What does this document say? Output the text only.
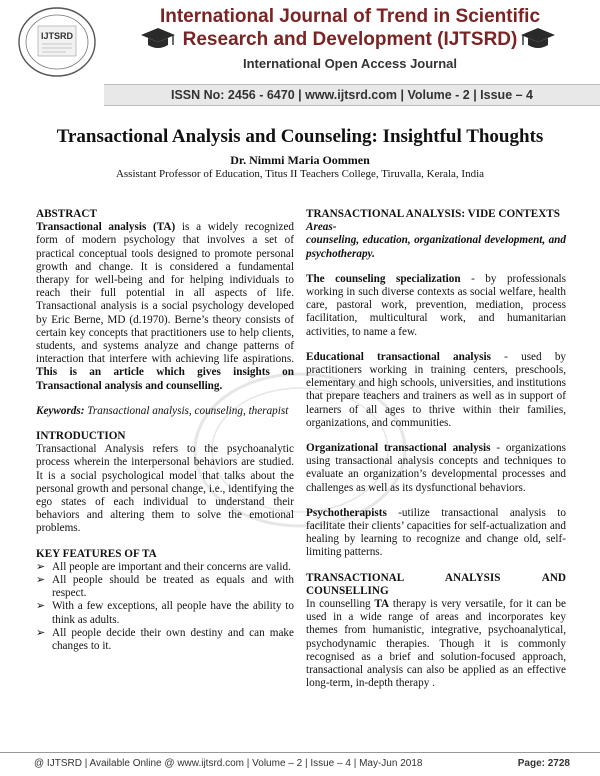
IJTSRD
International Journal of Trend in Scientific
Research and Development (IJTSRD)
International Open Access Journal
ISSN No: 2456 - 6470 | www.ijtsrd.com | Volume - 2 | Issue – 4
Transactional Analysis and Counseling: Insightful Thoughts
Dr. Nimmi Maria Oommen
Assistant Professor of Education, Titus II Teachers College, Tiruvalla, Kerala, India
ABSTRACT

Transactional analysis (TA) is a widely recognized form of modern psychology that involves a set of practical conceptual tools designed to promote personal growth and change. It is considered a fundamental therapy for well-being and for helping individuals to reach their full potential in all aspects of life. Transactional analysis is a social psychology developed by Eric Berne, MD (d.1970). Berne’s theory consists of certain key concepts that practitioners use to help clients, students, and systems analyze and change patterns of interaction that interfere with achieving life aspirations. This is an article which gives insights on Transactional analysis and counselling.

Keywords: Transactional analysis, counseling, therapist

INTRODUCTION

Transactional Analysis refers to the psychoanalytic process wherein the interpersonal behaviors are studied. It is a social psychological model that talks about the personal growth and personal change, i.e., identifying the ego states of each individual to understand their behaviors and altering them to solve the emotional problems.

KEY FEATURES OF TA
➢ All people are important and their concerns are valid.
➢ All people should be treated as equals and with respect.
➢ With a few exceptions, all people have the ability to think as adults.
➢ All people decide their own destiny and can make changes to it.
TRANSACTIONAL ANALYSIS: VIDE CONTEXTS

Areas-
counseling, education, organizational development, and psychotherapy.

The counseling specialization - by professionals working in such diverse contexts as social welfare, health care, pastoral work, prevention, mediation, process facilitation, multicultural work, and humanitarian activities, to name a few.

Educational transactional analysis - used by practitioners working in training centers, preschools, elementary and high schools, universities, and institutions that prepare teachers and trainers as well as in support of learners of all ages to thrive within their families, organizations, and communities.

Organizational transactional analysis - organizations using transactional analysis concepts and techniques to evaluate an organization’s developmental processes and challenges as well as its dysfunctional behaviors.

Psychotherapists -utilize transactional analysis to facilitate their clients’ capacities for self-actualization and healing by learning to recognize and change old, self-limiting patterns.

TRANSACTIONAL ANALYSIS AND COUNSELLING

In counselling TA therapy is very versatile, for it can be used in a wide range of areas and incorporates key themes from humanistic, integrative, psychoanalytical, psychodynamic therapies. Though it is commonly recognised as a brief and solution-focused approach, transactional analysis can also be applied as an effective long-term, in-depth therapy .

@ IJTSRD | Available Online @ www.ijtsrd.com | Volume – 2 | Issue – 4 | May-Jun 2018	Page: 2728
